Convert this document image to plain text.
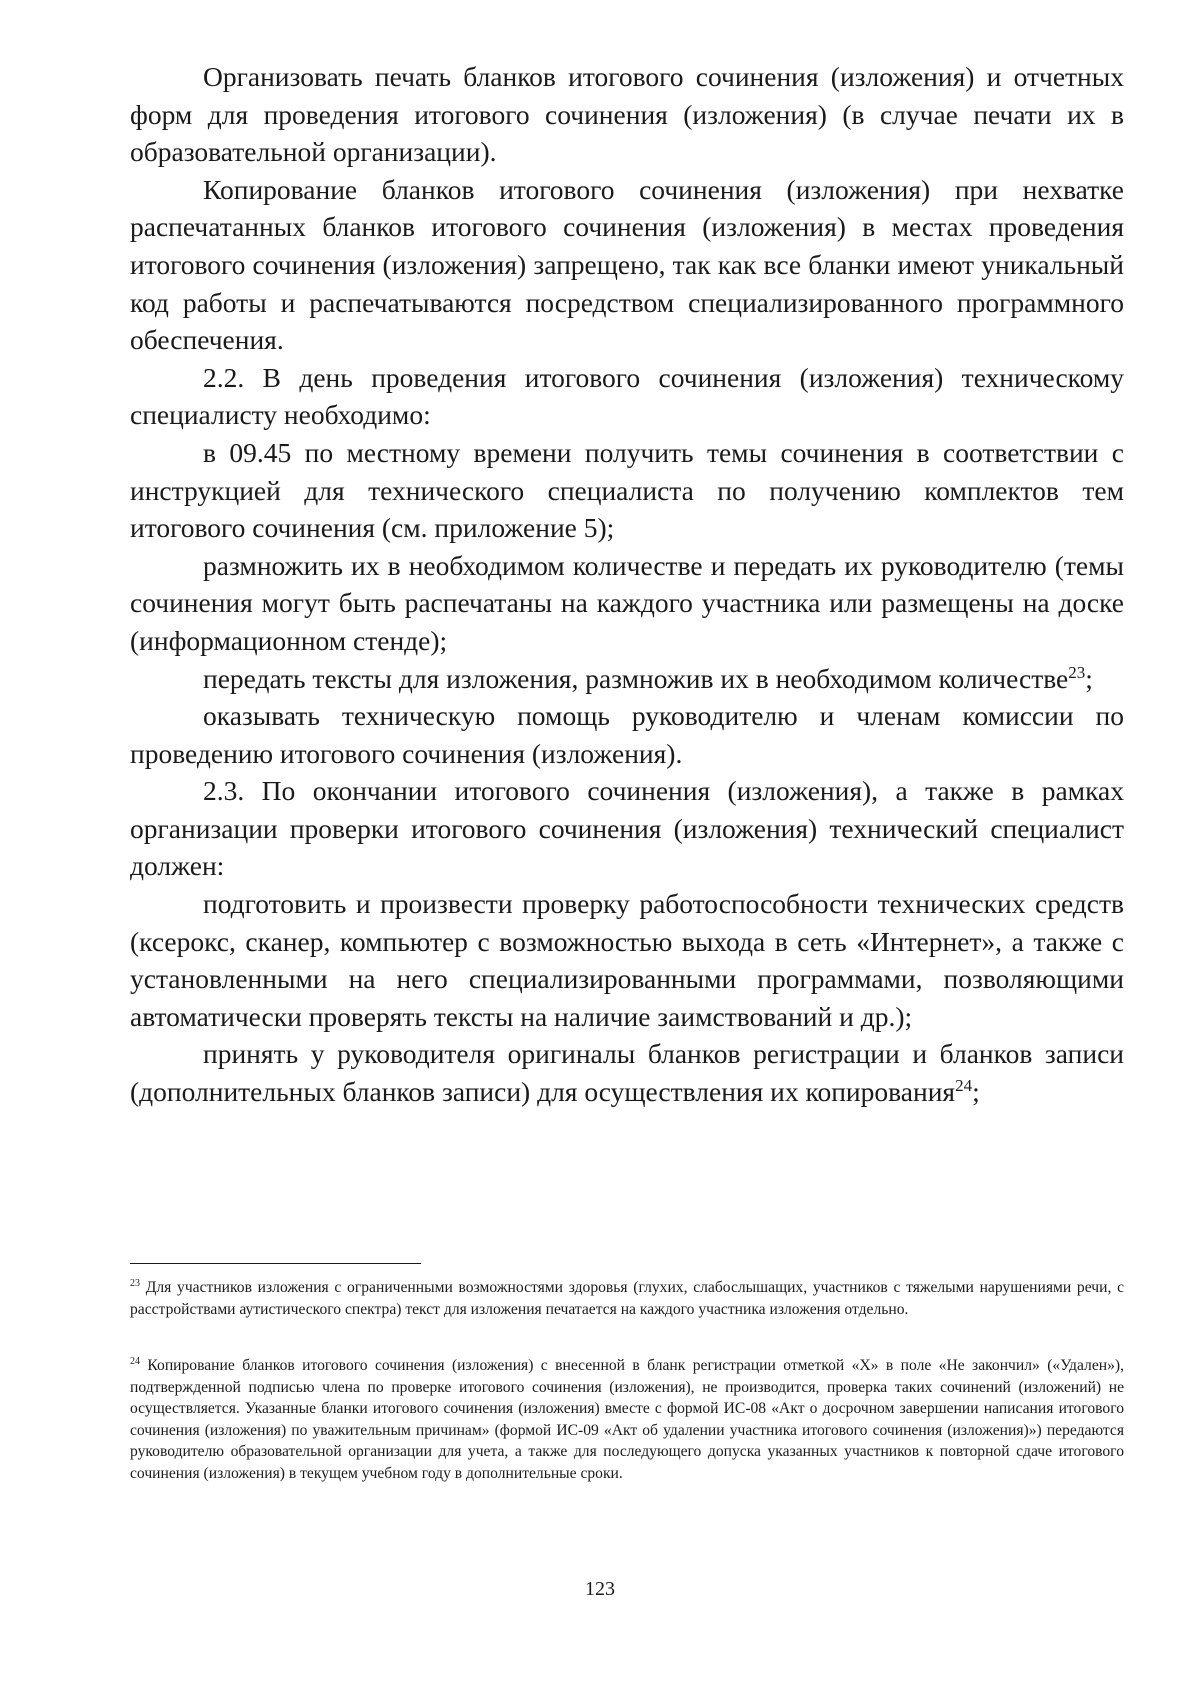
Организовать печать бланков итогового сочинения (изложения) и отчетных форм для проведения итогового сочинения (изложения) (в случае печати их в образовательной организации).

Копирование бланков итогового сочинения (изложения) при нехватке распечатанных бланков итогового сочинения (изложения) в местах проведения итогового сочинения (изложения) запрещено, так как все бланки имеют уникальный код работы и распечатываются посредством специализированного программного обеспечения.

2.2. В день проведения итогового сочинения (изложения) техническому специалисту необходимо:

в 09.45 по местному времени получить темы сочинения в соответствии с инструкцией для технического специалиста по получению комплектов тем итогового сочинения (см. приложение 5);

размножить их в необходимом количестве и передать их руководителю (темы сочинения могут быть распечатаны на каждого участника или размещены на доске (информационном стенде);

передать тексты для изложения, размножив их в необходимом количестве$^{23}$;

оказывать техническую помощь руководителю и членам комиссии по проведению итогового сочинения (изложения).

2.3. По окончании итогового сочинения (изложения), а также в рамках организации проверки итогового сочинения (изложения) технический специалист должен:

подготовить и произвести проверку работоспособности технических средств (ксерокс, сканер, компьютер с возможностью выхода в сеть «Интернет», а также с установленными на него специализированными программами, позволяющими автоматически проверять тексты на наличие заимствований и др.);

принять у руководителя оригиналы бланков регистрации и бланков записи (дополнительных бланков записи) для осуществления их копирования$^{24}$;

$^{23}$ Для участников изложения с ограниченными возможностями здоровья (глухих, слабослышащих, участников с тяжелыми нарушениями речи, с расстройствами аутистического спектра) текст для изложения печатается на каждого участника изложения отдельно.

$^{24}$ Копирование бланков итогового сочинения (изложения) с внесенной в бланк регистрации отметкой «Х» в поле «Не закончил» («Удален»), подтвержденной подписью члена по проверке итогового сочинения (изложения), не производится, проверка таких сочинений (изложений) не осуществляется. Указанные бланки итогового сочинения (изложения) вместе с формой ИС-08 «Акт о досрочном завершении написания итогового сочинения (изложения) по уважительным причинам» (формой ИС-09 «Акт об удалении участника итогового сочинения (изложения)») передаются руководителю образовательной организации для учета, а также для последующего допуска указанных участников к повторной сдаче итогового сочинения (изложения) в текущем учебном году в дополнительные сроки.

123
